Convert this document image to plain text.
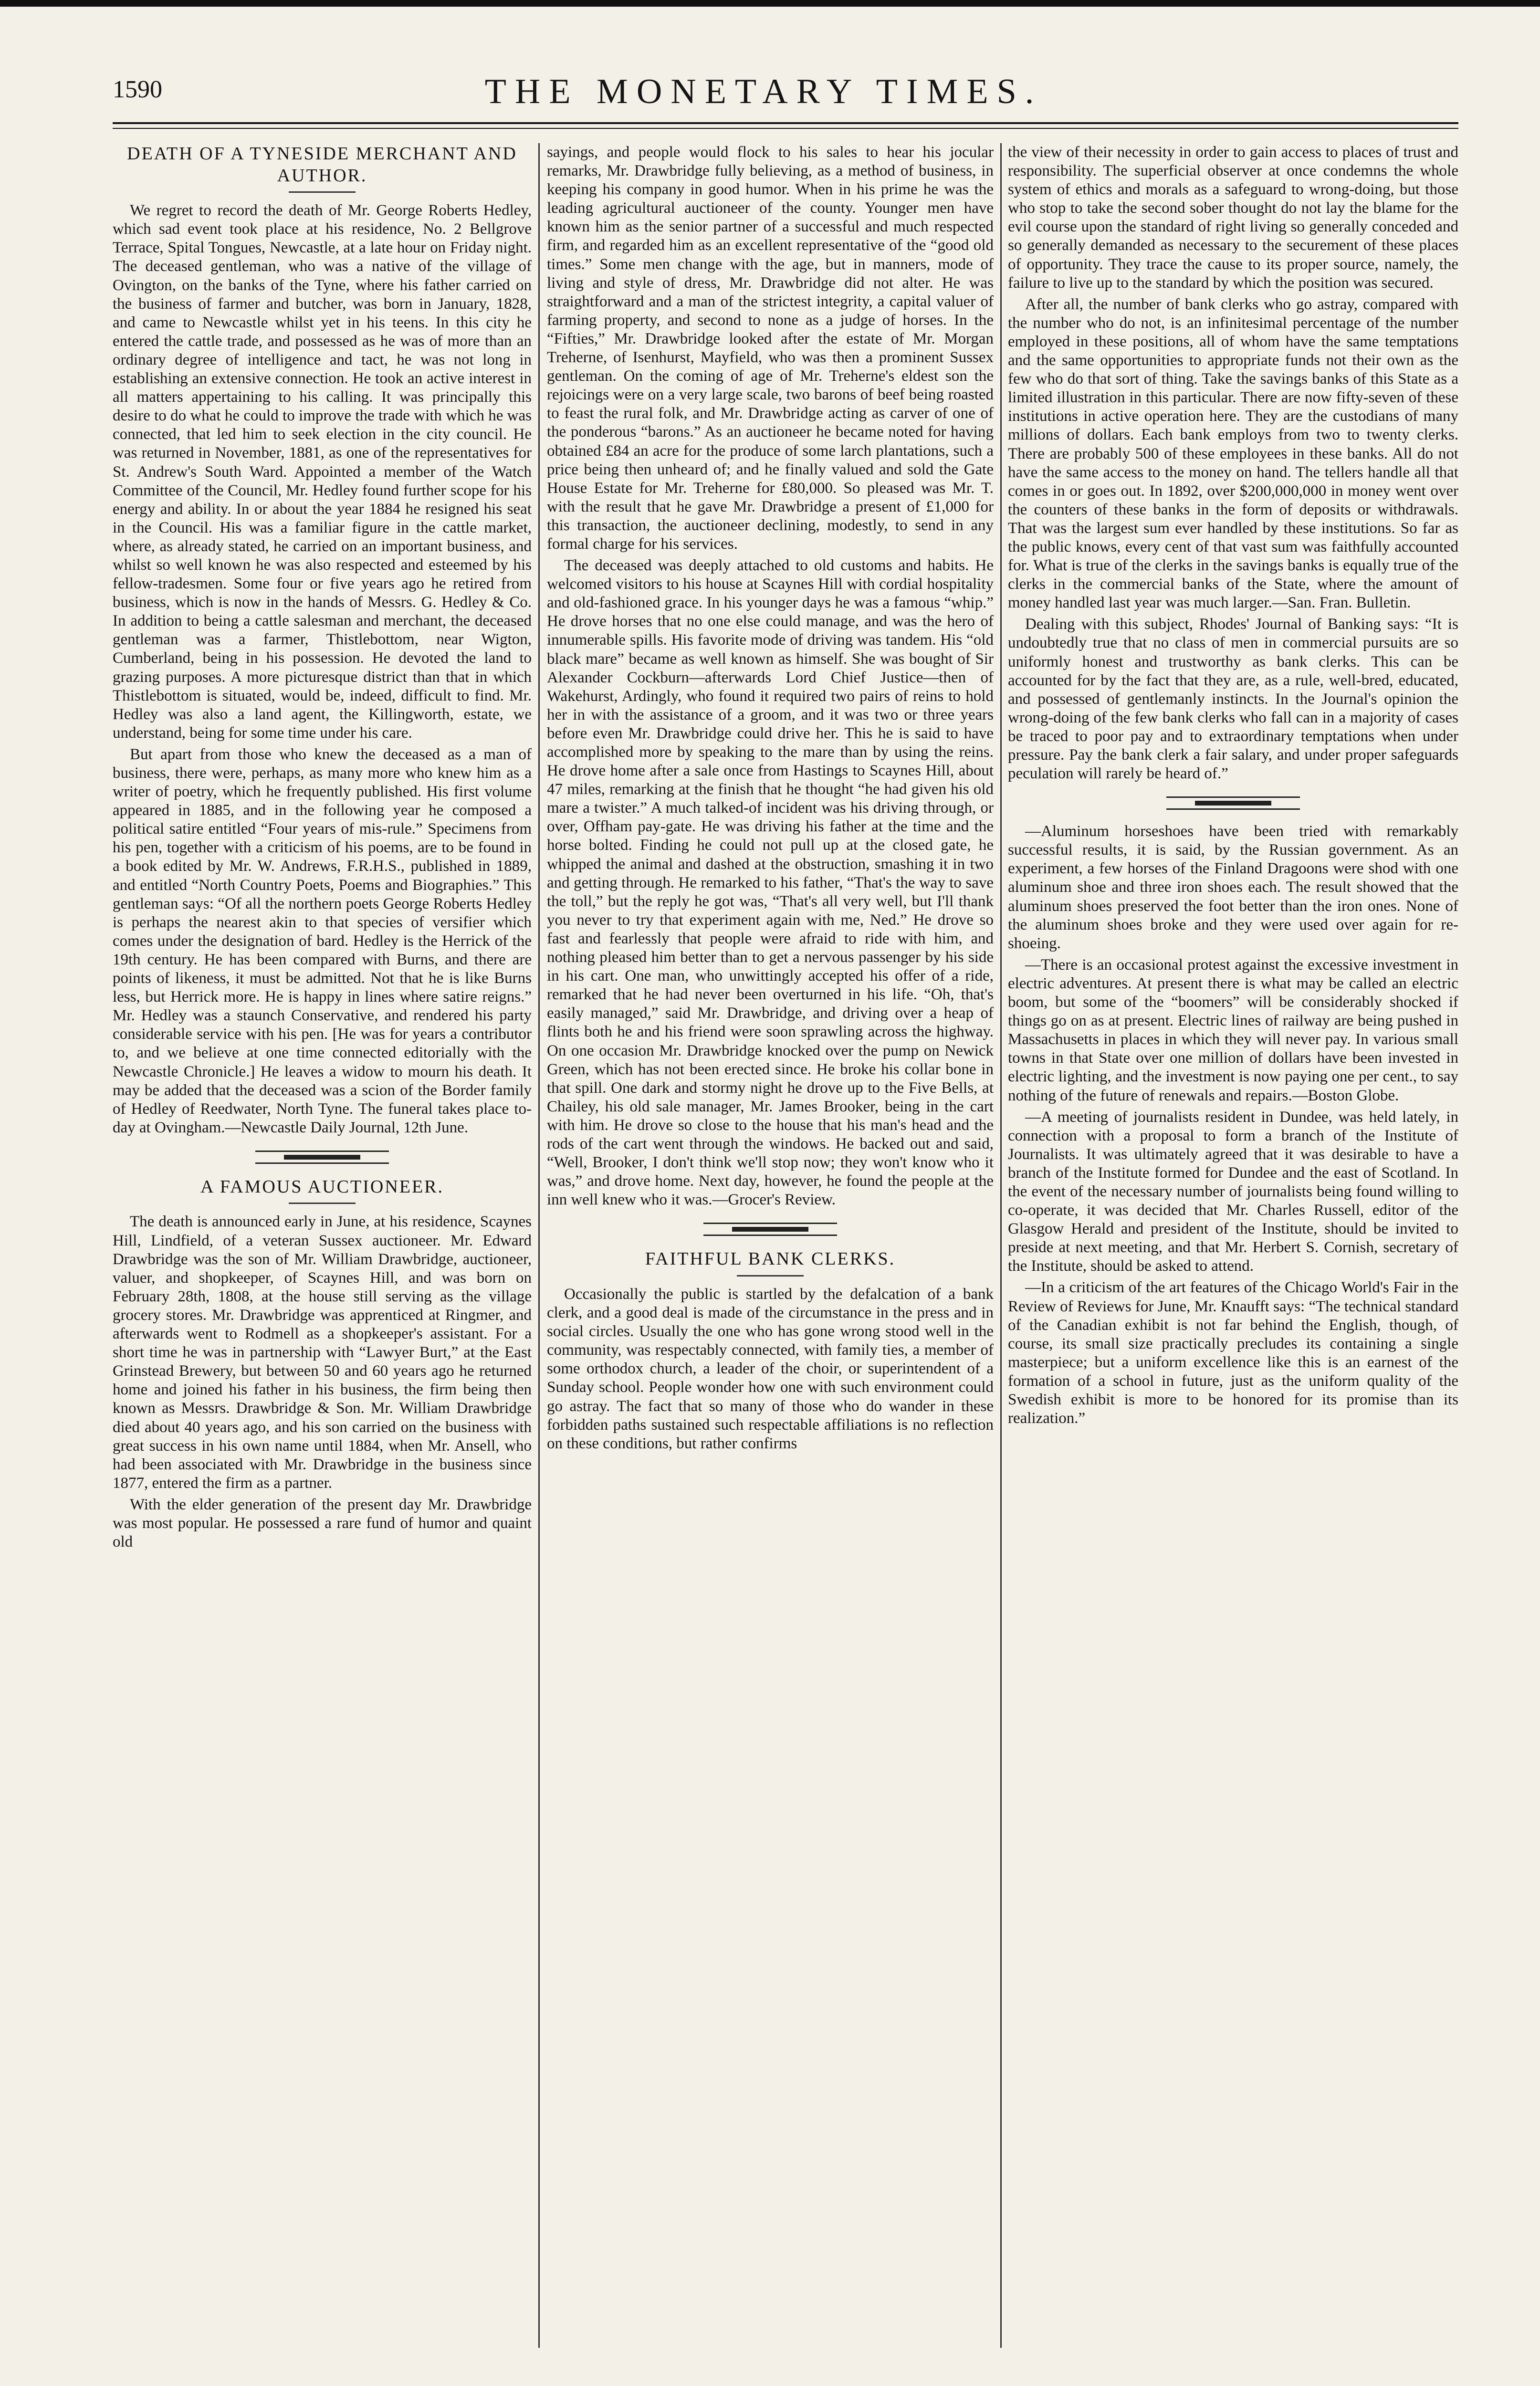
1590	THE MONETARY TIMES.
DEATH OF A TYNESIDE MERCHANT AND AUTHOR.

We regret to record the death of Mr. George Roberts Hedley, which sad event took place at his residence, No. 2 Bellgrove Terrace, Spital Tongues, Newcastle, at a late hour on Friday night. The deceased gentleman, who was a native of the village of Ovington, on the banks of the Tyne, where his father carried on the business of farmer and butcher, was born in January, 1828, and came to Newcastle whilst yet in his teens. In this city he entered the cattle trade, and possessed as he was of more than an ordinary degree of intelligence and tact, he was not long in establishing an extensive connection. He took an active interest in all matters appertaining to his calling. It was principally this desire to do what he could to improve the trade with which he was connected, that led him to seek election in the city council. He was returned in November, 1881, as one of the representatives for St. Andrew's South Ward. Appointed a member of the Watch Committee of the Council, Mr. Hedley found further scope for his energy and ability. In or about the year 1884 he resigned his seat in the Council. His was a familiar figure in the cattle market, where, as already stated, he carried on an important business, and whilst so well known he was also respected and esteemed by his fellow-tradesmen. Some four or five years ago he retired from business, which is now in the hands of Messrs. G. Hedley & Co. In addition to being a cattle salesman and merchant, the deceased gentleman was a farmer, Thistlebottom, near Wigton, Cumberland, being in his possession. He devoted the land to grazing purposes. A more picturesque district than that in which Thistlebottom is situated, would be, indeed, difficult to find. Mr. Hedley was also a land agent, the Killingworth, estate, we understand, being for some time under his care.

But apart from those who knew the deceased as a man of business, there were, perhaps, as many more who knew him as a writer of poetry, which he frequently published. His first volume appeared in 1885, and in the following year he composed a political satire entitled “Four years of mis-rule.” Specimens from his pen, together with a criticism of his poems, are to be found in a book edited by Mr. W. Andrews, F.R.H.S., published in 1889, and entitled “North Country Poets, Poems and Biographies.” This gentleman says: “Of all the northern poets George Roberts Hedley is perhaps the nearest akin to that species of versifier which comes under the designation of bard. Hedley is the Herrick of the 19th century. He has been compared with Burns, and there are points of likeness, it must be admitted. Not that he is like Burns less, but Herrick more. He is happy in lines where satire reigns.” Mr. Hedley was a staunch Conservative, and rendered his party considerable service with his pen. [He was for years a contributor to, and we believe at one time connected editorially with the Newcastle Chronicle.] He leaves a widow to mourn his death. It may be added that the deceased was a scion of the Border family of Hedley of Reedwater, North Tyne. The funeral takes place to-day at Ovingham.—Newcastle Daily Journal, 12th June.

A FAMOUS AUCTIONEER.

The death is announced early in June, at his residence, Scaynes Hill, Lindfield, of a veteran Sussex auctioneer. Mr. Edward Drawbridge was the son of Mr. William Drawbridge, auctioneer, valuer, and shopkeeper, of Scaynes Hill, and was born on February 28th, 1808, at the house still serving as the village grocery stores. Mr. Drawbridge was apprenticed at Ringmer, and afterwards went to Rodmell as a shopkeeper's assistant. For a short time he was in partnership with “Lawyer Burt,” at the East Grinstead Brewery, but between 50 and 60 years ago he returned home and joined his father in his business, the firm being then known as Messrs. Drawbridge & Son. Mr. William Drawbridge died about 40 years ago, and his son carried on the business with great success in his own name until 1884, when Mr. Ansell, who had been associated with Mr. Drawbridge in the business since 1877, entered the firm as a partner.

With the elder generation of the present day Mr. Drawbridge was most popular. He possessed a rare fund of humor and quaint old

sayings, and people would flock to his sales to hear his jocular remarks, Mr. Drawbridge fully believing, as a method of business, in keeping his company in good humor. When in his prime he was the leading agricultural auctioneer of the county. Younger men have known him as the senior partner of a successful and much respected firm, and regarded him as an excellent representative of the “good old times.” Some men change with the age, but in manners, mode of living and style of dress, Mr. Drawbridge did not alter. He was straightforward and a man of the strictest integrity, a capital valuer of farming property, and second to none as a judge of horses. In the “Fifties,” Mr. Drawbridge looked after the estate of Mr. Morgan Treherne, of Isenhurst, Mayfield, who was then a prominent Sussex gentleman. On the coming of age of Mr. Treherne's eldest son the rejoicings were on a very large scale, two barons of beef being roasted to feast the rural folk, and Mr. Drawbridge acting as carver of one of the ponderous “barons.” As an auctioneer he became noted for having obtained £84 an acre for the produce of some larch plantations, such a price being then unheard of; and he finally valued and sold the Gate House Estate for Mr. Treherne for £80,000. So pleased was Mr. T. with the result that he gave Mr. Drawbridge a present of £1,000 for this transaction, the auctioneer declining, modestly, to send in any formal charge for his services.

The deceased was deeply attached to old customs and habits. He welcomed visitors to his house at Scaynes Hill with cordial hospitality and old-fashioned grace. In his younger days he was a famous “whip.” He drove horses that no one else could manage, and was the hero of innumerable spills. His favorite mode of driving was tandem. His “old black mare” became as well known as himself. She was bought of Sir Alexander Cockburn—afterwards Lord Chief Justice—then of Wakehurst, Ardingly, who found it required two pairs of reins to hold her in with the assistance of a groom, and it was two or three years before even Mr. Drawbridge could drive her. This he is said to have accomplished more by speaking to the mare than by using the reins. He drove home after a sale once from Hastings to Scaynes Hill, about 47 miles, remarking at the finish that he thought “he had given his old mare a twister.” A much talked-of incident was his driving through, or over, Offham pay-gate. He was driving his father at the time and the horse bolted. Finding he could not pull up at the closed gate, he whipped the animal and dashed at the obstruction, smashing it in two and getting through. He remarked to his father, “That's the way to save the toll,” but the reply he got was, “That's all very well, but I'll thank you never to try that experiment again with me, Ned.” He drove so fast and fearlessly that people were afraid to ride with him, and nothing pleased him better than to get a nervous passenger by his side in his cart. One man, who unwittingly accepted his offer of a ride, remarked that he had never been overturned in his life. “Oh, that's easily managed,” said Mr. Drawbridge, and driving over a heap of flints both he and his friend were soon sprawling across the highway. On one occasion Mr. Drawbridge knocked over the pump on Newick Green, which has not been erected since. He broke his collar bone in that spill. One dark and stormy night he drove up to the Five Bells, at Chailey, his old sale manager, Mr. James Brooker, being in the cart with him. He drove so close to the house that his man's head and the rods of the cart went through the windows. He backed out and said, “Well, Brooker, I don't think we'll stop now; they won't know who it was,” and drove home. Next day, however, he found the people at the inn well knew who it was.—Grocer's Review.

FAITHFUL BANK CLERKS.

Occasionally the public is startled by the defalcation of a bank clerk, and a good deal is made of the circumstance in the press and in social circles. Usually the one who has gone wrong stood well in the community, was respectably connected, with family ties, a member of some orthodox church, a leader of the choir, or superintendent of a Sunday school. People wonder how one with such environment could go astray. The fact that so many of those who do wander in these forbidden paths sustained such respectable affiliations is no reflection on these conditions, but rather confirms

the view of their necessity in order to gain access to places of trust and responsibility. The superficial observer at once condemns the whole system of ethics and morals as a safeguard to wrong-doing, but those who stop to take the second sober thought do not lay the blame for the evil course upon the standard of right living so generally conceded and so generally demanded as necessary to the securement of these places of opportunity. They trace the cause to its proper source, namely, the failure to live up to the standard by which the position was secured.

After all, the number of bank clerks who go astray, compared with the number who do not, is an infinitesimal percentage of the number employed in these positions, all of whom have the same temptations and the same opportunities to appropriate funds not their own as the few who do that sort of thing. Take the savings banks of this State as a limited illustration in this particular. There are now fifty-seven of these institutions in active operation here. They are the custodians of many millions of dollars. Each bank employs from two to twenty clerks. There are probably 500 of these employees in these banks. All do not have the same access to the money on hand. The tellers handle all that comes in or goes out. In 1892, over $200,000,000 in money went over the counters of these banks in the form of deposits or withdrawals. That was the largest sum ever handled by these institutions. So far as the public knows, every cent of that vast sum was faithfully accounted for. What is true of the clerks in the savings banks is equally true of the clerks in the commercial banks of the State, where the amount of money handled last year was much larger.—San. Fran. Bulletin.

Dealing with this subject, Rhodes' Journal of Banking says: “It is undoubtedly true that no class of men in commercial pursuits are so uniformly honest and trustworthy as bank clerks. This can be accounted for by the fact that they are, as a rule, well-bred, educated, and possessed of gentlemanly instincts. In the Journal's opinion the wrong-doing of the few bank clerks who fall can in a majority of cases be traced to poor pay and to extraordinary temptations when under pressure. Pay the bank clerk a fair salary, and under proper safeguards peculation will rarely be heard of.”

—Aluminum horseshoes have been tried with remarkably successful results, it is said, by the Russian government. As an experiment, a few horses of the Finland Dragoons were shod with one aluminum shoe and three iron shoes each. The result showed that the aluminum shoes preserved the foot better than the iron ones. None of the aluminum shoes broke and they were used over again for re-shoeing.

—There is an occasional protest against the excessive investment in electric adventures. At present there is what may be called an electric boom, but some of the “boomers” will be considerably shocked if things go on as at present. Electric lines of railway are being pushed in Massachusetts in places in which they will never pay. In various small towns in that State over one million of dollars have been invested in electric lighting, and the investment is now paying one per cent., to say nothing of the future of renewals and repairs.—Boston Globe.

—A meeting of journalists resident in Dundee, was held lately, in connection with a proposal to form a branch of the Institute of Journalists. It was ultimately agreed that it was desirable to have a branch of the Institute formed for Dundee and the east of Scotland. In the event of the necessary number of journalists being found willing to co-operate, it was decided that Mr. Charles Russell, editor of the Glasgow Herald and president of the Institute, should be invited to preside at next meeting, and that Mr. Herbert S. Cornish, secretary of the Institute, should be asked to attend.

—In a criticism of the art features of the Chicago World's Fair in the Review of Reviews for June, Mr. Knaufft says: “The technical standard of the Canadian exhibit is not far behind the English, though, of course, its small size practically precludes its containing a single masterpiece; but a uniform excellence like this is an earnest of the formation of a school in future, just as the uniform quality of the Swedish exhibit is more to be honored for its promise than its realization.”
